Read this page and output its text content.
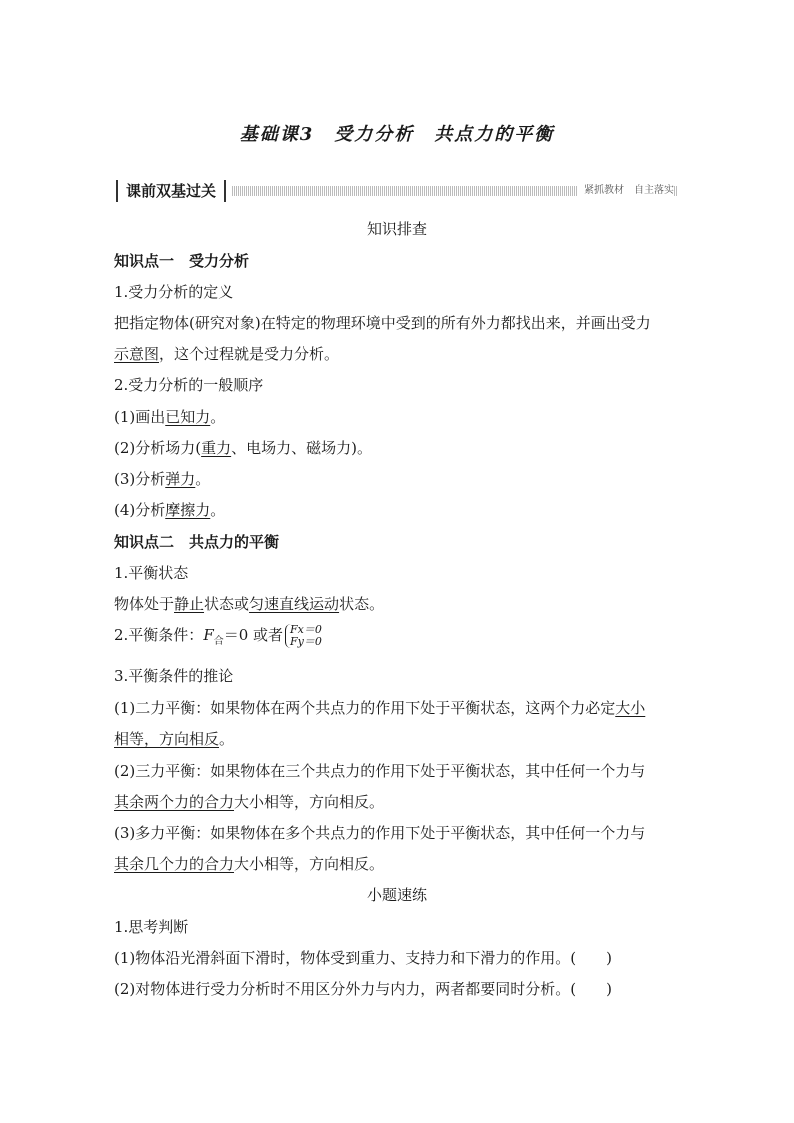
基础课3　受力分析　共点力的平衡
课前双基过关	紧抓教材　自主落实
知识排查
知识点一　受力分析
1.受力分析的定义
把指定物体(研究对象)在特定的物理环境中受到的所有外力都找出来，并画出受力
示意图，这个过程就是受力分析。
2.受力分析的一般顺序
(1)画出已知力。
(2)分析场力(重力、电场力、磁场力)。
(3)分析弹力。
(4)分析摩擦力。
知识点二　共点力的平衡
1.平衡状态
物体处于静止状态或匀速直线运动状态。
2.平衡条件：$F_合=0$ 或者 Fx＝0
Fy＝0
3.平衡条件的推论
(1)二力平衡：如果物体在两个共点力的作用下处于平衡状态，这两个力必定大小
相等，方向相反。
(2)三力平衡：如果物体在三个共点力的作用下处于平衡状态，其中任何一个力与
其余两个力的合力大小相等，方向相反。
(3)多力平衡：如果物体在多个共点力的作用下处于平衡状态，其中任何一个力与
其余几个力的合力大小相等，方向相反。
小题速练
1.思考判断
(1)物体沿光滑斜面下滑时，物体受到重力、支持力和下滑力的作用。(　　)
(2)对物体进行受力分析时不用区分外力与内力，两者都要同时分析。(　　)
